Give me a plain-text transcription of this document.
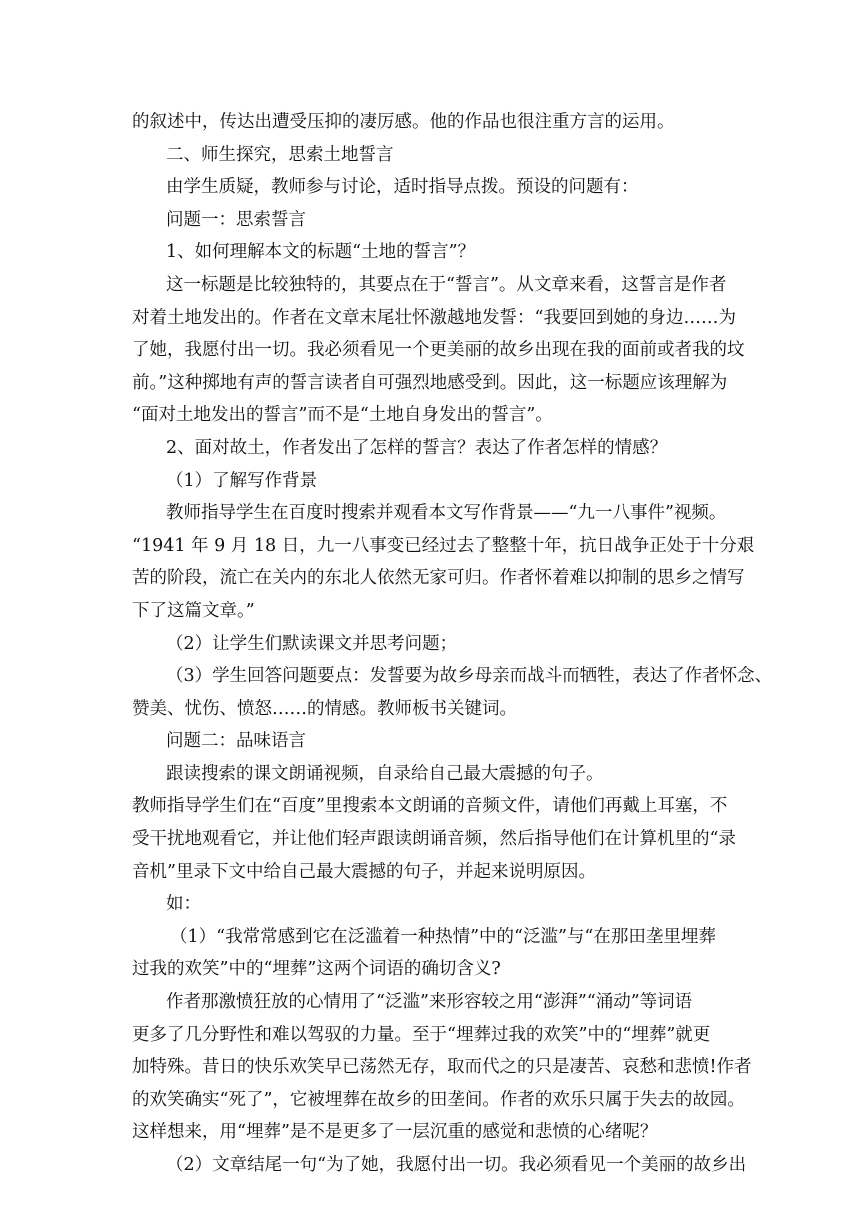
的叙述中，传达出遭受压抑的凄厉感。他的作品也很注重方言的运用。
二、师生探究，思索土地誓言
由学生质疑，教师参与讨论，适时指导点拨。预设的问题有：
问题一：思索誓言
1、如何理解本文的标题“土地的誓言”？
这一标题是比较独特的，其要点在于“誓言”。从文章来看，这誓言是作者
对着土地发出的。作者在文章末尾壮怀激越地发誓：“我要回到她的身边……为
了她，我愿付出一切。我必须看见一个更美丽的故乡出现在我的面前或者我的坟
前。”这种掷地有声的誓言读者自可强烈地感受到。因此，这一标题应该理解为
“面对土地发出的誓言”而不是“土地自身发出的誓言”。
2、面对故土，作者发出了怎样的誓言？表达了作者怎样的情感？
（1）了解写作背景
教师指导学生在百度时搜索并观看本文写作背景——“九一八事件”视频。
“1941 年 9 月 18 日，九一八事变已经过去了整整十年，抗日战争正处于十分艰
苦的阶段，流亡在关内的东北人依然无家可归。作者怀着难以抑制的思乡之情写
下了这篇文章。”
（2）让学生们默读课文并思考问题；
（3）学生回答问题要点：发誓要为故乡母亲而战斗而牺牲，表达了作者怀念、
赞美、忧伤、愤怒……的情感。教师板书关键词。
问题二：品味语言
跟读搜索的课文朗诵视频，自录给自己最大震撼的句子。
教师指导学生们在“百度”里搜索本文朗诵的音频文件，请他们再戴上耳塞，不
受干扰地观看它，并让他们轻声跟读朗诵音频，然后指导他们在计算机里的“录
音机”里录下文中给自己最大震撼的句子，并起来说明原因。
如：
（1）“我常常感到它在泛滥着一种热情”中的“泛滥”与“在那田垄里埋葬
过我的欢笑”中的“埋葬”这两个词语的确切含义?
作者那激愤狂放的心情用了“泛滥”来形容较之用“澎湃”“涌动”等词语
更多了几分野性和难以驾驭的力量。至于“埋葬过我的欢笑”中的“埋葬”就更
加特殊。昔日的快乐欢笑早已荡然无存，取而代之的只是凄苦、哀愁和悲愤!作者
的欢笑确实“死了”，它被埋葬在故乡的田垄间。作者的欢乐只属于失去的故园。
这样想来，用“埋葬”是不是更多了一层沉重的感觉和悲愤的心绪呢？
（2）文章结尾一句“为了她，我愿付出一切。我必须看见一个美丽的故乡出
